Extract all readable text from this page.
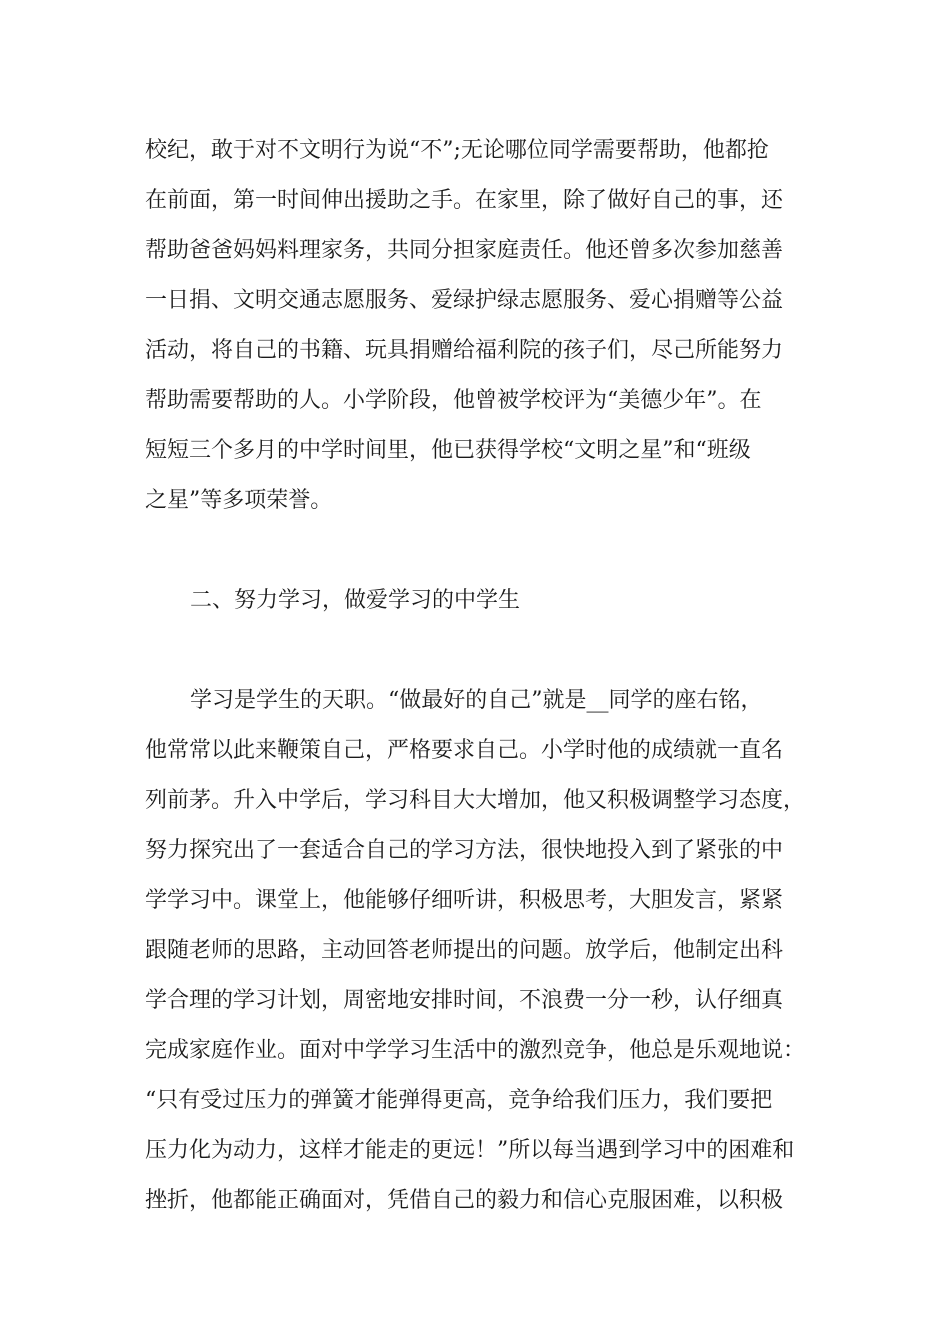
校纪，敢于对不文明行为说“不”;无论哪位同学需要帮助，他都抢

在前面，第一时间伸出援助之手。在家里，除了做好自己的事，还

帮助爸爸妈妈料理家务，共同分担家庭责任。他还曾多次参加慈善

一日捐、文明交通志愿服务、爱绿护绿志愿服务、爱心捐赠等公益

活动，将自己的书籍、玩具捐赠给福利院的孩子们，尽己所能努力

帮助需要帮助的人。小学阶段，他曾被学校评为“美德少年”。在

短短三个多月的中学时间里，他已获得学校“文明之星”和“班级

之星”等多项荣誉。

二、努力学习，做爱学习的中学生

学习是学生的天职。“做最好的自己”就是__同学的座右铭，

他常常以此来鞭策自己，严格要求自己。小学时他的成绩就一直名

列前茅。升入中学后，学习科目大大增加，他又积极调整学习态度，

努力探究出了一套适合自己的学习方法，很快地投入到了紧张的中

学学习中。课堂上，他能够仔细听讲，积极思考，大胆发言，紧紧

跟随老师的思路，主动回答老师提出的问题。放学后，他制定出科

学合理的学习计划，周密地安排时间，不浪费一分一秒，认仔细真

完成家庭作业。面对中学学习生活中的激烈竞争，他总是乐观地说：

“只有受过压力的弹簧才能弹得更高，竞争给我们压力，我们要把

压力化为动力，这样才能走的更远！”所以每当遇到学习中的困难和

挫折，他都能正确面对，凭借自己的毅力和信心克服困难，以积极
